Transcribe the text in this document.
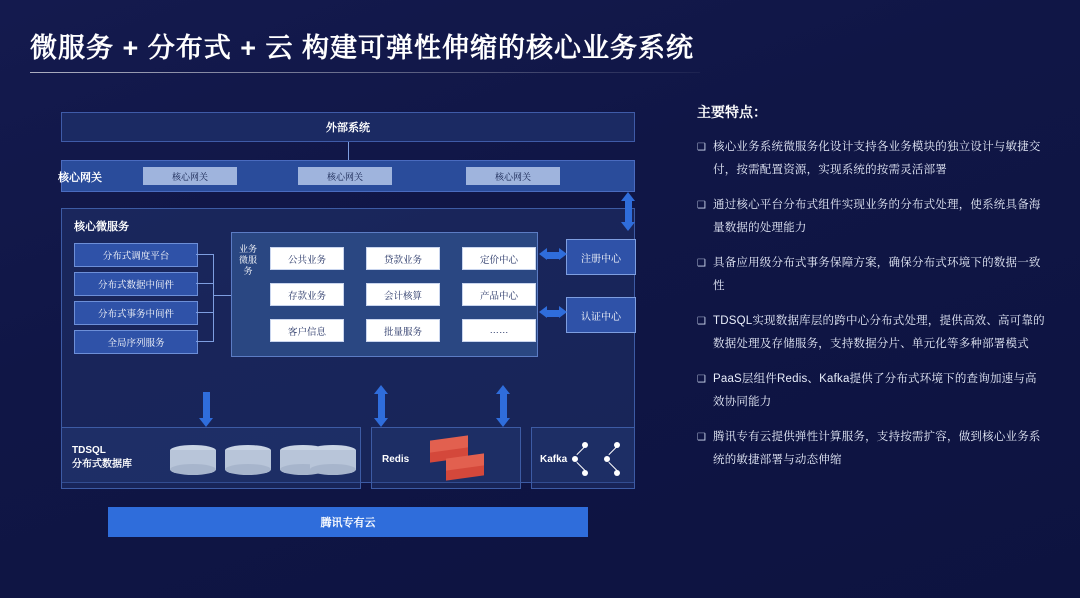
微服务 + 分布式 + 云 构建可弹性伸缩的核心业务系统
外部系统
核心网关	核心网关	核心网关	核心网关
核心微服务
分布式调度平台
分布式数据中间件
分布式事务中间件
全局序列服务
业务微服务
公共业务	贷款业务	定价中心
存款业务	会计核算	产品中心
客户信息	批量服务	……
注册中心
认证中心
TDSQL
分布式数据库	Redis	Kafka
腾讯专有云
主要特点：
❑ 核心业务系统微服务化设计支持各业务模块的独立设计与敏捷交付，按需配置资源，实现系统的按需灵活部署
❑ 通过核心平台分布式组件实现业务的分布式处理，使系统具备海量数据的处理能力
❑ 具备应用级分布式事务保障方案，确保分布式环境下的数据一致性
❑ TDSQL实现数据库层的跨中心分布式处理，提供高效、高可靠的数据处理及存储服务，支持数据分片、单元化等多种部署模式
❑ PaaS层组件Redis、Kafka提供了分布式环境下的查询加速与高效协同能力
❑ 腾讯专有云提供弹性计算服务，支持按需扩容，做到核心业务系统的敏捷部署与动态伸缩
